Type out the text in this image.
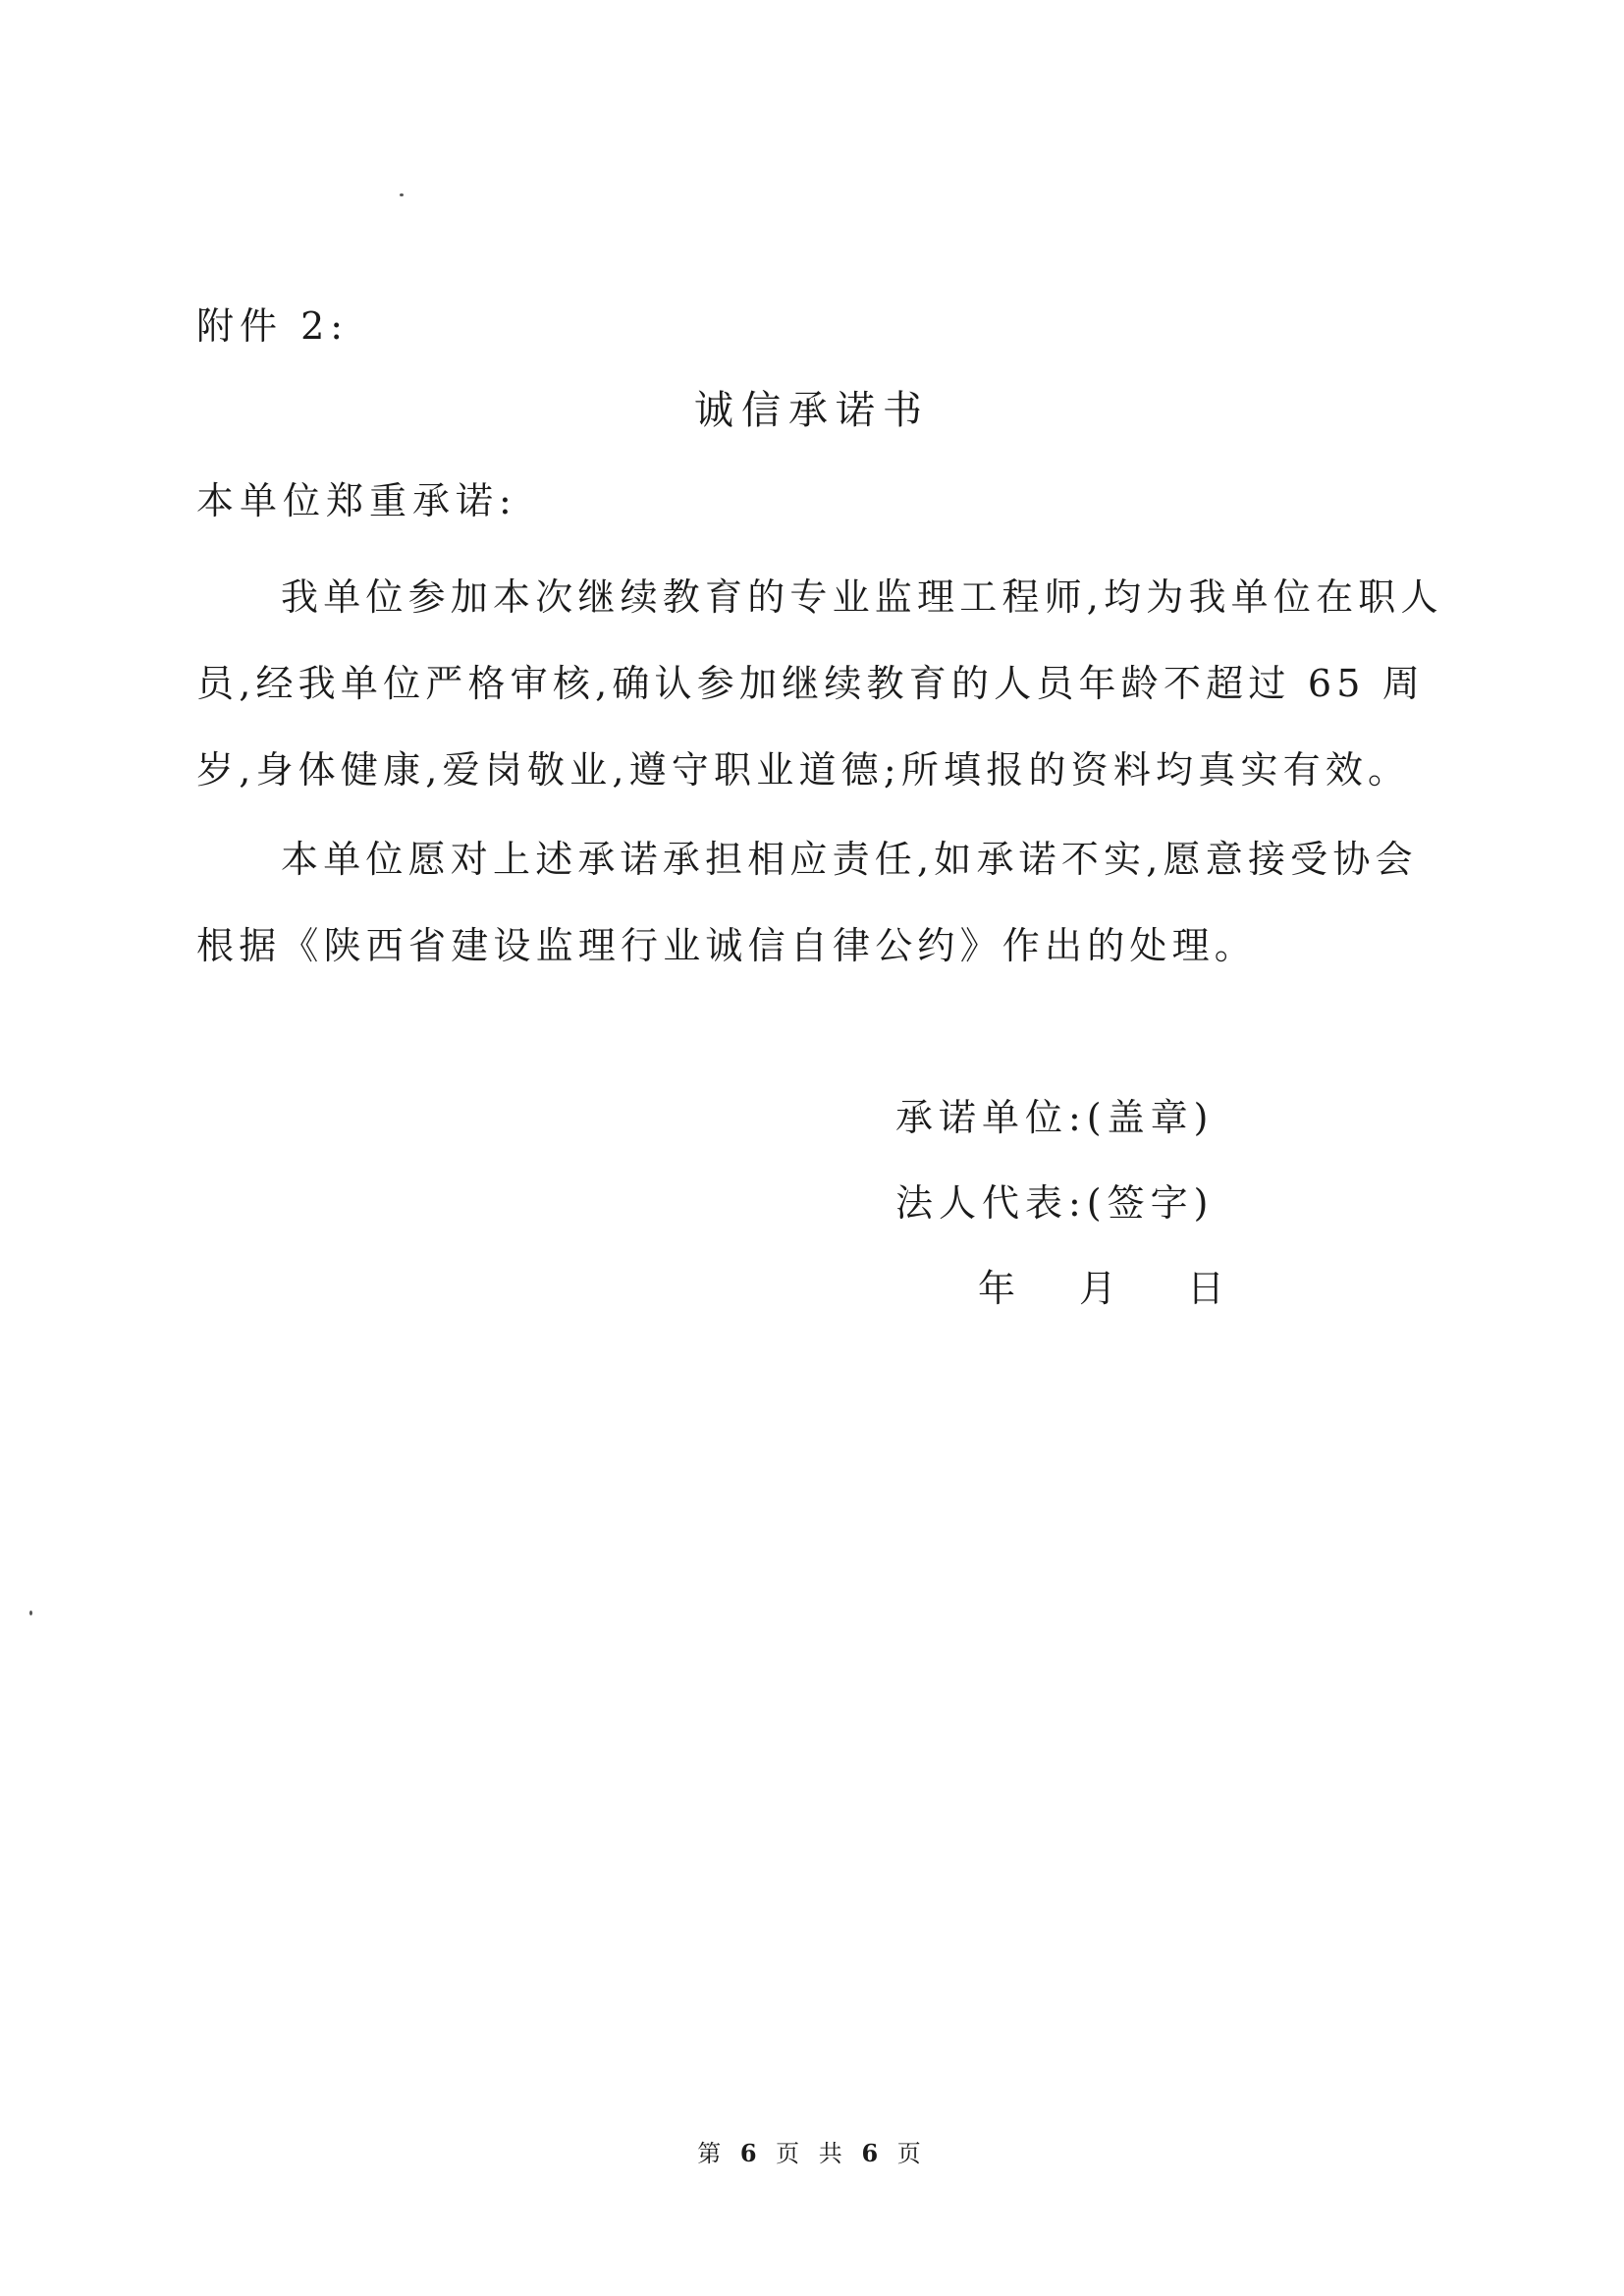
附件 2:
诚信承诺书
本单位郑重承诺:
我单位参加本次继续教育的专业监理工程师,均为我单位在职人
员,经我单位严格审核,确认参加继续教育的人员年龄不超过 65 周
岁,身体健康,爱岗敬业,遵守职业道德;所填报的资料均真实有效。
本单位愿对上述承诺承担相应责任,如承诺不实,愿意接受协会
根据《陕西省建设监理行业诚信自律公约》作出的处理。
承诺单位:(盖章)
法人代表:(签字)
年 月 日
第 6 页 共 6 页
